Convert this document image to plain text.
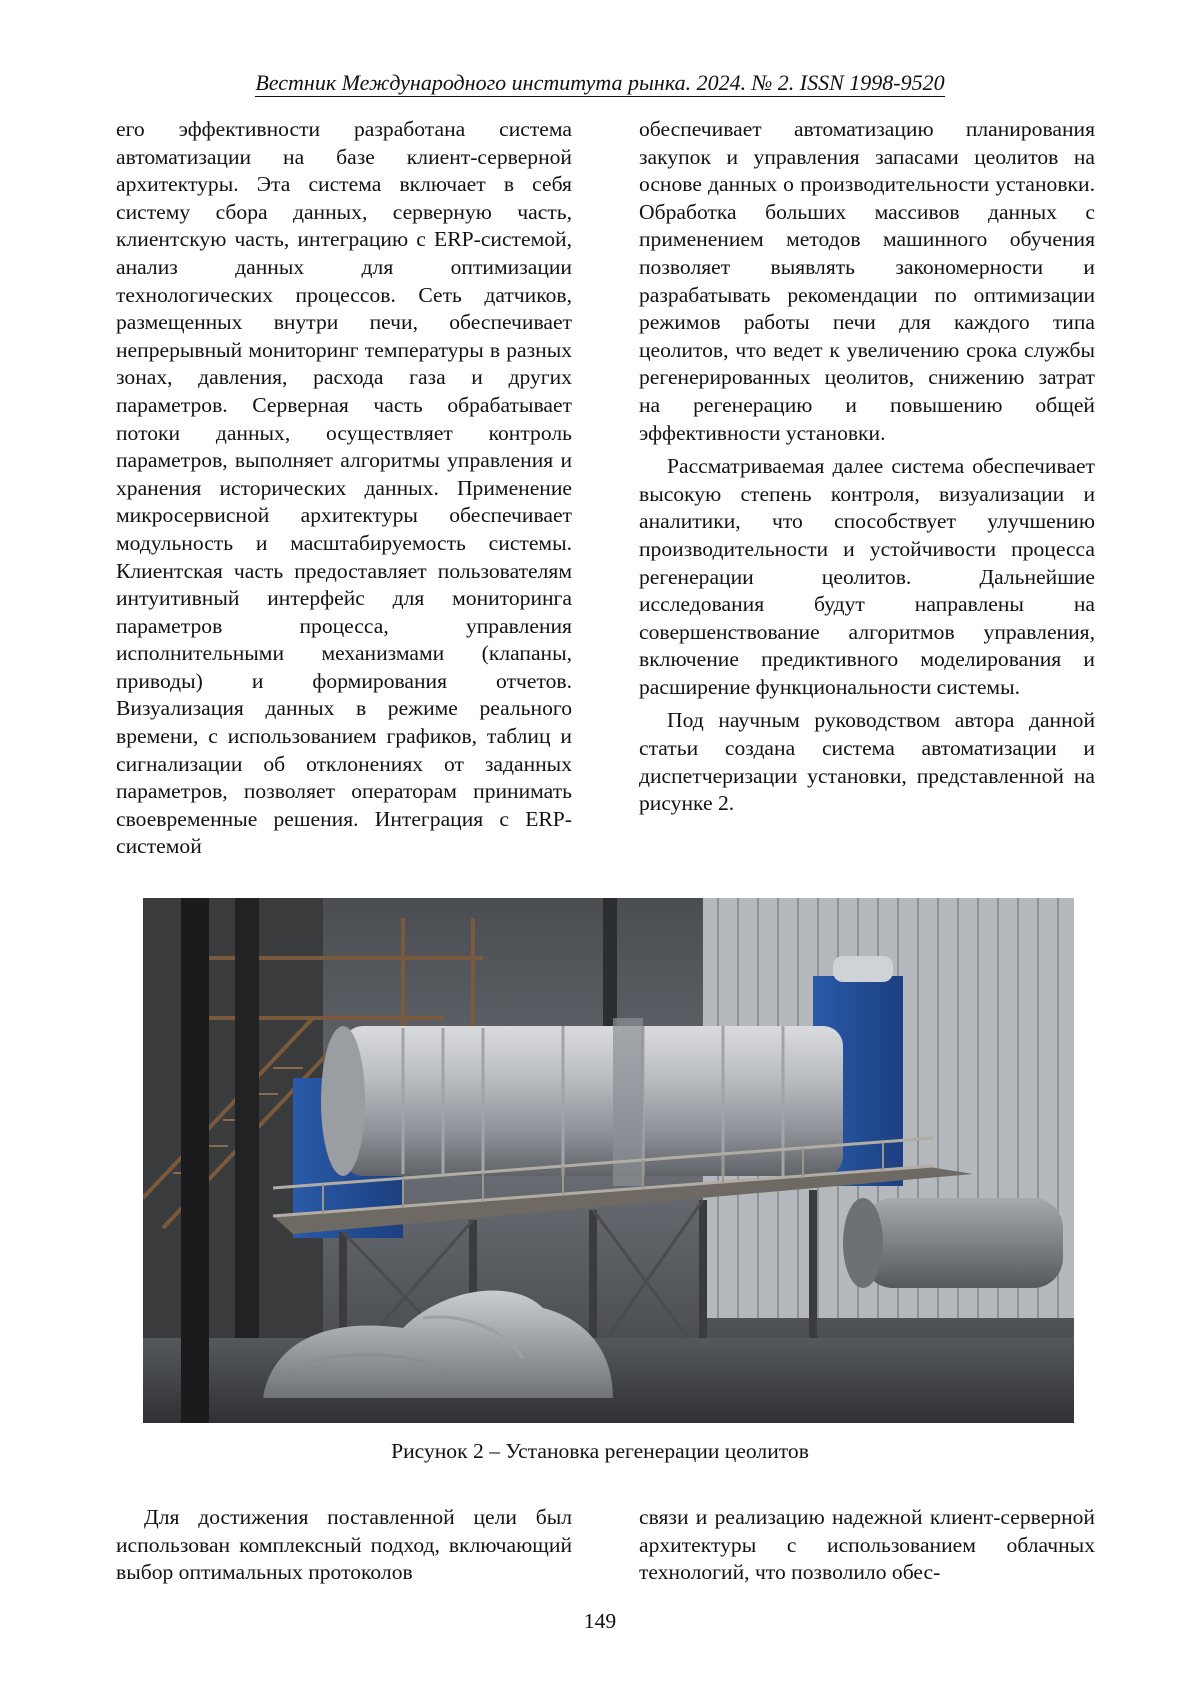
Вестник Международного института рынка. 2024. № 2. ISSN 1998-9520

его эффективности разработана система автоматизации на базе клиент-серверной архитектуры. Эта система включает в себя систему сбора данных, серверную часть, клиентскую часть, интеграцию с ERP-системой, анализ данных для оптимизации технологических процессов. Сеть датчиков, размещенных внутри печи, обеспечивает непрерывный мониторинг температуры в разных зонах, давления, расхода газа и других параметров. Серверная часть обрабатывает потоки данных, осуществляет контроль параметров, выполняет алгоритмы управления и хранения исторических данных. Применение микросервисной архитектуры обеспечивает модульность и масштабируемость системы. Клиентская часть предоставляет пользователям интуитивный интерфейс для мониторинга параметров процесса, управления исполнительными механизмами (клапаны, приводы) и формирования отчетов. Визуализация данных в режиме реального времени, с использованием графиков, таблиц и сигнализации об отклонениях от заданных параметров, позволяет операторам принимать своевременные решения. Интеграция с ERP-системой

обеспечивает автоматизацию планирования закупок и управления запасами цеолитов на основе данных о производительности установки. Обработка больших массивов данных с применением методов машинного обучения позволяет выявлять закономерности и разрабатывать рекомендации по оптимизации режимов работы печи для каждого типа цеолитов, что ведет к увеличению срока службы регенерированных цеолитов, снижению затрат на регенерацию и повышению общей эффективности установки.

Рассматриваемая далее система обеспечивает высокую степень контроля, визуализации и аналитики, что способствует улучшению производительности и устойчивости процесса регенерации цеолитов. Дальнейшие исследования будут направлены на совершенствование алгоритмов управления, включение предиктивного моделирования и расширение функциональности системы.

Под научным руководством автора данной статьи создана система автоматизации и диспетчеризации установки, представленной на рисунке 2.

Рисунок 2 – Установка регенерации цеолитов

Для достижения поставленной цели был использован комплексный подход, включающий выбор оптимальных протоколов

связи и реализацию надежной клиент-серверной архитектуры с использованием облачных технологий, что позволило обес-

149
